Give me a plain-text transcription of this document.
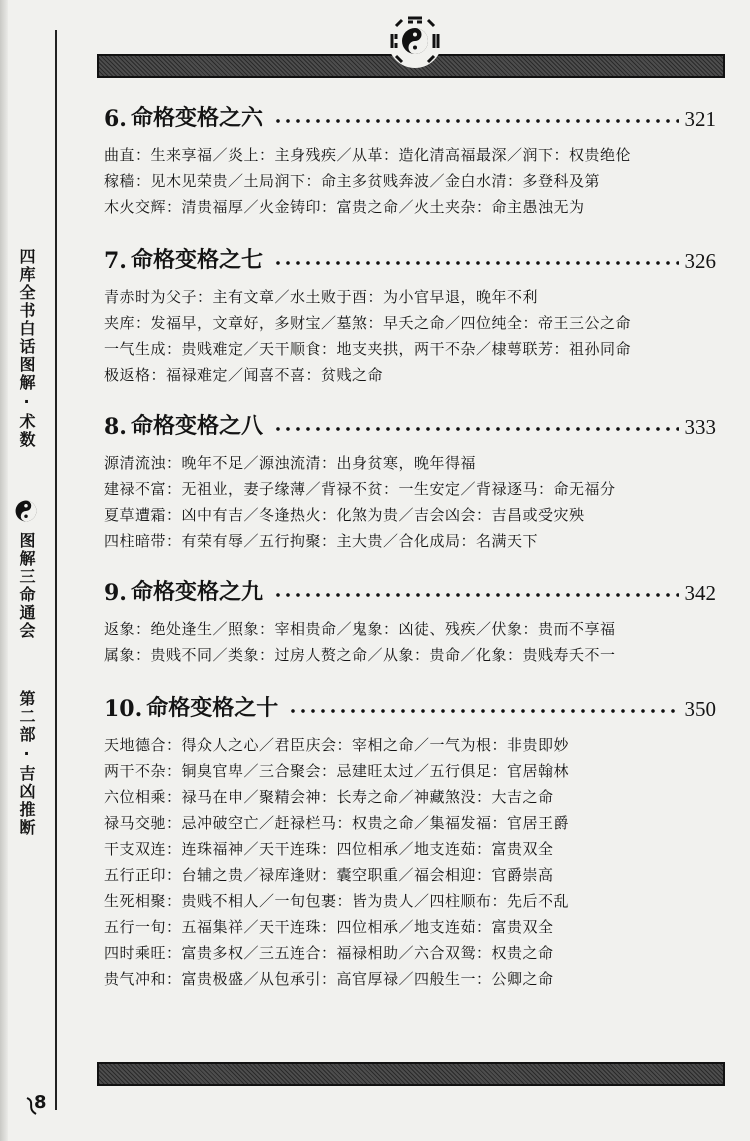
四库全书白话图解·术数
图解三命通会
第二部·吉凶推断
8
6. 命格变格之六	321
曲直：生来享福／炎上：主身残疾／从革：造化清高福最深／润下：权贵绝伦
稼穑：见木见荣贵／土局润下：命主多贫贱奔波／金白水清：多登科及第
木火交辉：清贵福厚／火金铸印：富贵之命／火土夹杂：命主愚浊无为
7. 命格变格之七	326
青赤时为父子：主有文章／水土败于酉：为小官早退，晚年不利
夹库：发福早，文章好，多财宝／墓煞：早夭之命／四位纯全：帝王三公之命
一气生成：贵贱难定／天干顺食：地支夹拱，两干不杂／棣萼联芳：祖孙同命
极返格：福禄难定／闻喜不喜：贫贱之命
8. 命格变格之八	333
源清流浊：晚年不足／源浊流清：出身贫寒，晚年得福
建禄不富：无祖业，妻子缘薄／背禄不贫：一生安定／背禄逐马：命无福分
夏草遭霜：凶中有吉／冬逢热火：化煞为贵／吉会凶会：吉昌或受灾殃
四柱暗带：有荣有辱／五行拘聚：主大贵／合化成局：名满天下
9. 命格变格之九	342
返象：绝处逢生／照象：宰相贵命／鬼象：凶徒、残疾／伏象：贵而不享福
属象：贵贱不同／类象：过房人赘之命／从象：贵命／化象：贵贱寿夭不一
10. 命格变格之十	350
天地德合：得众人之心／君臣庆会：宰相之命／一气为根：非贵即妙
两干不杂：铜臭官卑／三合聚会：忌建旺太过／五行俱足：官居翰林
六位相乘：禄马在申／聚精会神：长寿之命／神藏煞没：大吉之命
禄马交驰：忌冲破空亡／赶禄栏马：权贵之命／集福发福：官居王爵
干支双连：连珠福神／天干连珠：四位相承／地支连茹：富贵双全
五行正印：台辅之贵／禄库逢财：囊空职重／福会相迎：官爵崇高
生死相聚：贵贱不相人／一旬包裹：皆为贵人／四柱顺布：先后不乱
五行一旬：五福集祥／天干连珠：四位相承／地支连茹：富贵双全
四时乘旺：富贵多权／三五连合：福禄相助／六合双鸳：权贵之命
贵气冲和：富贵极盛／从包承引：高官厚禄／四般生一：公卿之命
